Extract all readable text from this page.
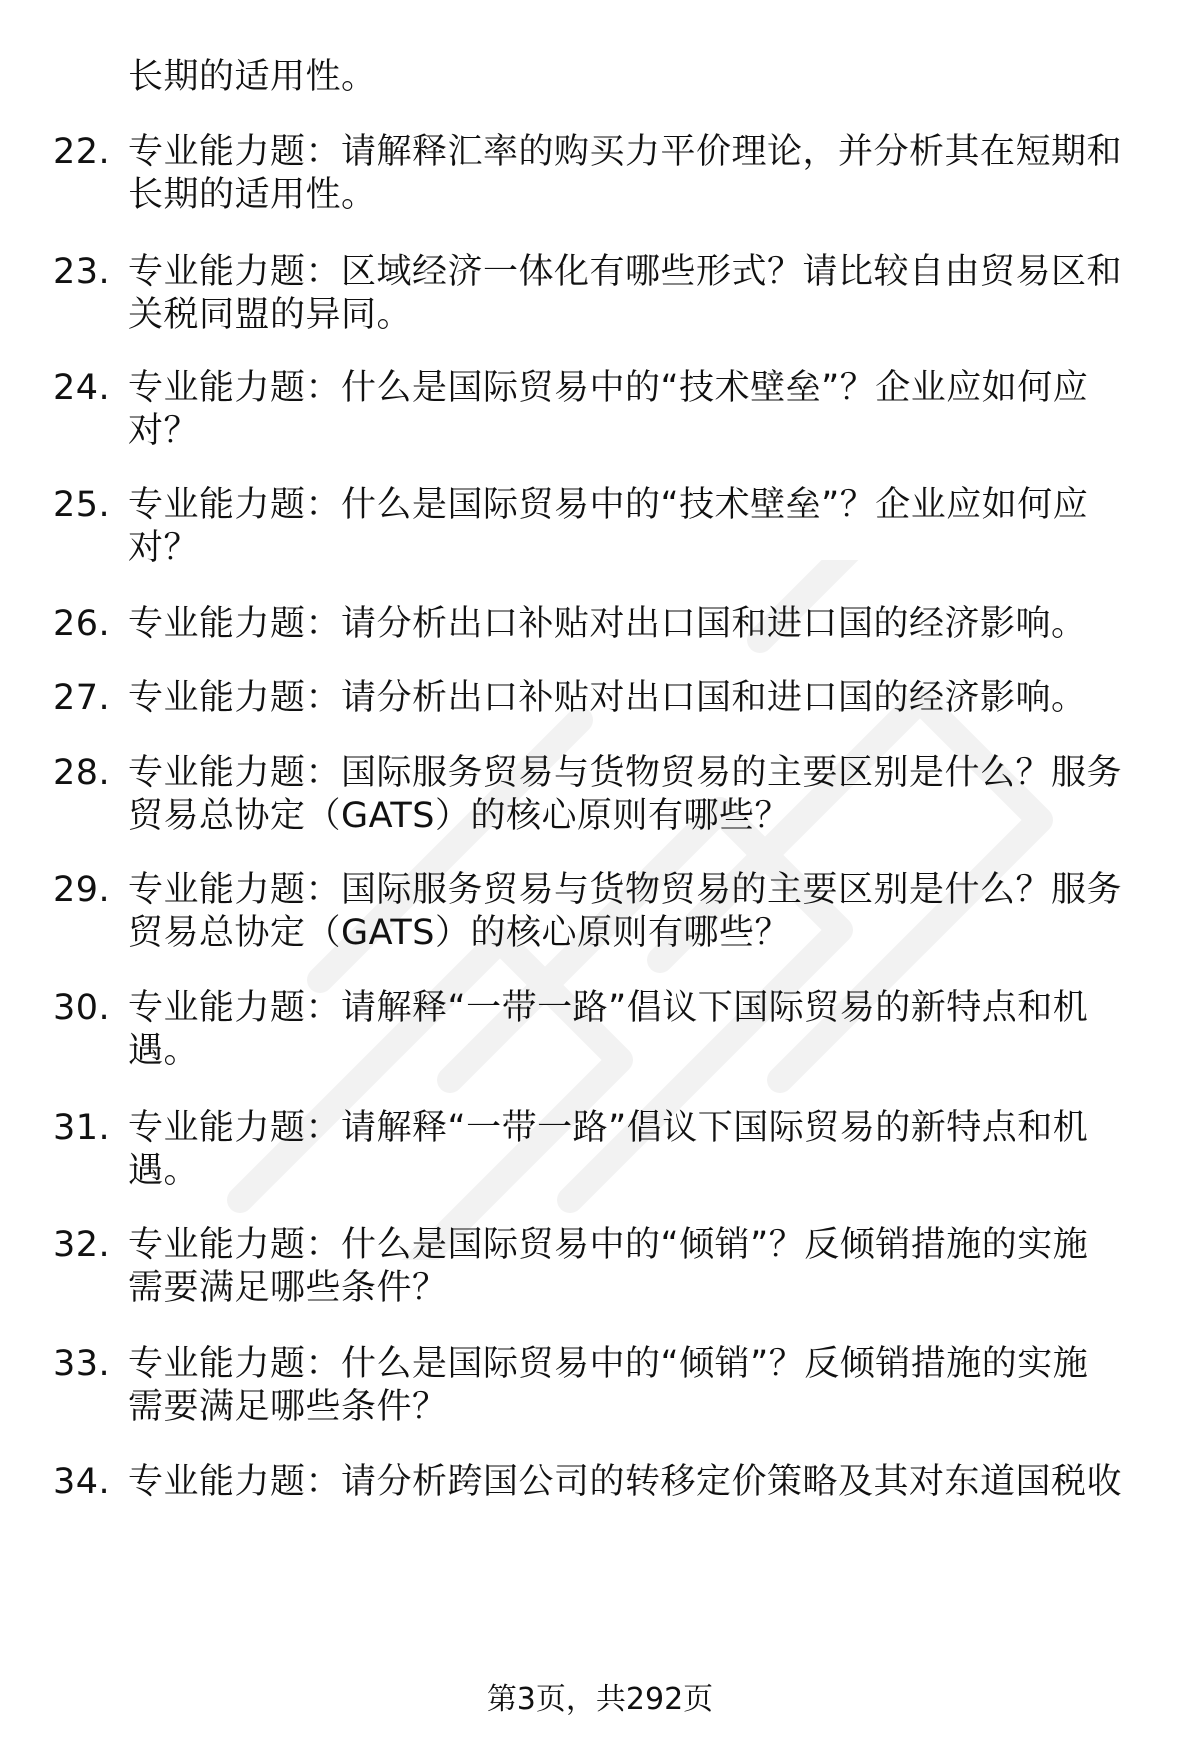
长期的适用性。
22. 专业能力题：请解释汇率的购买力平价理论，并分析其在短期和
长期的适用性。
23. 专业能力题：区域经济一体化有哪些形式？请比较自由贸易区和
关税同盟的异同。
24. 专业能力题：什么是国际贸易中的“技术壁垒”？企业应如何应
对？
25. 专业能力题：什么是国际贸易中的“技术壁垒”？企业应如何应
对？
26. 专业能力题：请分析出口补贴对出口国和进口国的经济影响。
27. 专业能力题：请分析出口补贴对出口国和进口国的经济影响。
28. 专业能力题：国际服务贸易与货物贸易的主要区别是什么？服务
贸易总协定（GATS）的核心原则有哪些？
29. 专业能力题：国际服务贸易与货物贸易的主要区别是什么？服务
贸易总协定（GATS）的核心原则有哪些？
30. 专业能力题：请解释“一带一路”倡议下国际贸易的新特点和机
遇。
31. 专业能力题：请解释“一带一路”倡议下国际贸易的新特点和机
遇。
32. 专业能力题：什么是国际贸易中的“倾销”？反倾销措施的实施
需要满足哪些条件？
33. 专业能力题：什么是国际贸易中的“倾销”？反倾销措施的实施
需要满足哪些条件？
34. 专业能力题：请分析跨国公司的转移定价策略及其对东道国税收
第3页，共292页
